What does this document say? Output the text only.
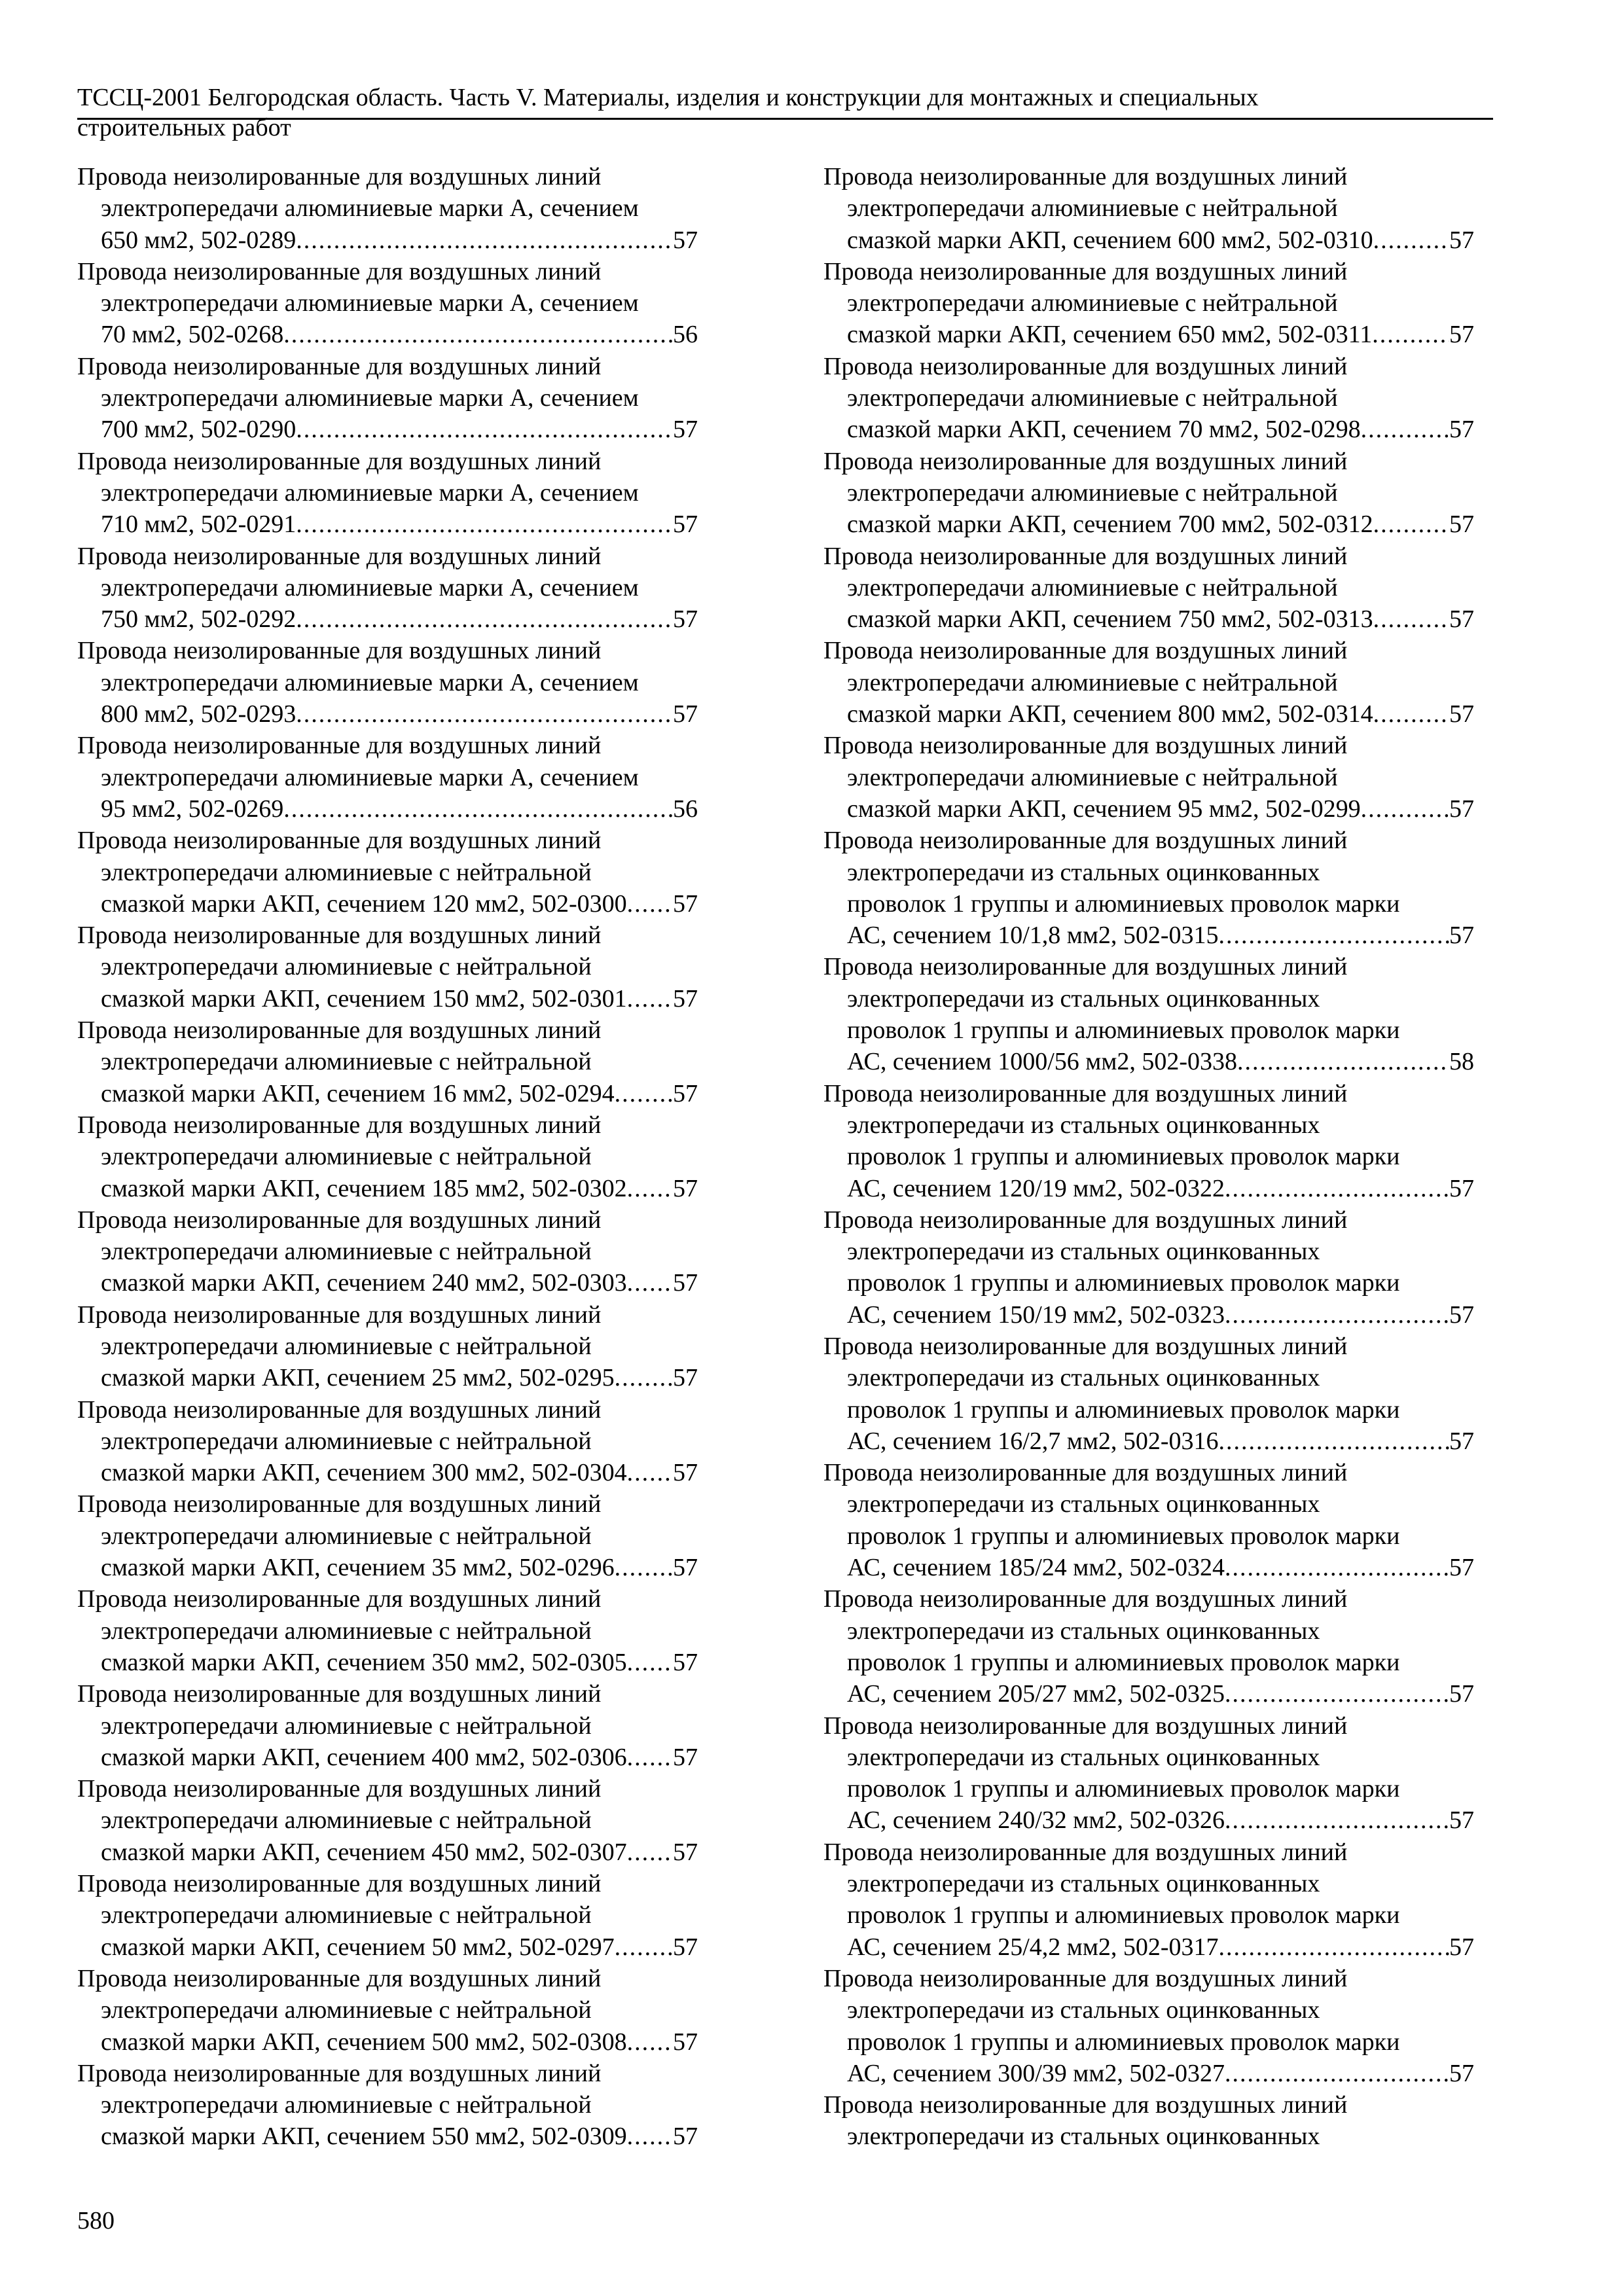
ТССЦ-2001 Белгородская область. Часть V. Материалы, изделия и конструкции для монтажных и специальных
строительных работ
Провода неизолированные для воздушных линий
электропередачи алюминиевые марки А, сечением
650 мм2, 502-0289 .....	57
Провода неизолированные для воздушных линий
электропередачи алюминиевые марки А, сечением
70 мм2, 502-0268 .....	56
Провода неизолированные для воздушных линий
электропередачи алюминиевые марки А, сечением
700 мм2, 502-0290 .....	57
Провода неизолированные для воздушных линий
электропередачи алюминиевые марки А, сечением
710 мм2, 502-0291 .....	57
Провода неизолированные для воздушных линий
электропередачи алюминиевые марки А, сечением
750 мм2, 502-0292 .....	57
Провода неизолированные для воздушных линий
электропередачи алюминиевые марки А, сечением
800 мм2, 502-0293 .....	57
Провода неизолированные для воздушных линий
электропередачи алюминиевые марки А, сечением
95 мм2, 502-0269 .....	56
Провода неизолированные для воздушных линий
электропередачи алюминиевые с нейтральной
смазкой марки АКП, сечением 120 мм2, 502-0300 ..... 57
Провода неизолированные для воздушных линий
электропередачи алюминиевые с нейтральной
смазкой марки АКП, сечением 150 мм2, 502-0301 ..... 57
Провода неизолированные для воздушных линий
электропередачи алюминиевые с нейтральной
смазкой марки АКП, сечением 16 мм2, 502-0294 ..... 57
Провода неизолированные для воздушных линий
электропередачи алюминиевые с нейтральной
смазкой марки АКП, сечением 185 мм2, 502-0302 ..... 57
Провода неизолированные для воздушных линий
электропередачи алюминиевые с нейтральной
смазкой марки АКП, сечением 240 мм2, 502-0303 ..... 57
Провода неизолированные для воздушных линий
электропередачи алюминиевые с нейтральной
смазкой марки АКП, сечением 25 мм2, 502-0295 ..... 57
Провода неизолированные для воздушных линий
электропередачи алюминиевые с нейтральной
смазкой марки АКП, сечением 300 мм2, 502-0304 ..... 57
Провода неизолированные для воздушных линий
электропередачи алюминиевые с нейтральной
смазкой марки АКП, сечением 35 мм2, 502-0296 ..... 57
Провода неизолированные для воздушных линий
электропередачи алюминиевые с нейтральной
смазкой марки АКП, сечением 350 мм2, 502-0305 ..... 57
Провода неизолированные для воздушных линий
электропередачи алюминиевые с нейтральной
смазкой марки АКП, сечением 400 мм2, 502-0306 ..... 57
Провода неизолированные для воздушных линий
электропередачи алюминиевые с нейтральной
смазкой марки АКП, сечением 450 мм2, 502-0307 ..... 57
Провода неизолированные для воздушных линий
электропередачи алюминиевые с нейтральной
смазкой марки АКП, сечением 50 мм2, 502-0297 ..... 57
Провода неизолированные для воздушных линий
электропередачи алюминиевые с нейтральной
смазкой марки АКП, сечением 500 мм2, 502-0308 ..... 57
Провода неизолированные для воздушных линий
электропередачи алюминиевые с нейтральной
смазкой марки АКП, сечением 550 мм2, 502-0309 ..... 57
Провода неизолированные для воздушных линий
электропередачи алюминиевые с нейтральной
смазкой марки АКП, сечением 600 мм2, 502-0310 .....	57
Провода неизолированные для воздушных линий
электропередачи алюминиевые с нейтральной
смазкой марки АКП, сечением 650 мм2, 502-0311 .....	57
Провода неизолированные для воздушных линий
электропередачи алюминиевые с нейтральной
смазкой марки АКП, сечением 70 мм2, 502-0298 .....	57
Провода неизолированные для воздушных линий
электропередачи алюминиевые с нейтральной
смазкой марки АКП, сечением 700 мм2, 502-0312 .....	57
Провода неизолированные для воздушных линий
электропередачи алюминиевые с нейтральной
смазкой марки АКП, сечением 750 мм2, 502-0313 .....	57
Провода неизолированные для воздушных линий
электропередачи алюминиевые с нейтральной
смазкой марки АКП, сечением 800 мм2, 502-0314 .....	57
Провода неизолированные для воздушных линий
электропередачи алюминиевые с нейтральной
смазкой марки АКП, сечением 95 мм2, 502-0299 .....	57
Провода неизолированные для воздушных линий
электропередачи из стальных оцинкованных
проволок 1 группы и алюминиевых проволок марки
АС, сечением 10/1,8 мм2, 502-0315 .....	57
Провода неизолированные для воздушных линий
электропередачи из стальных оцинкованных
проволок 1 группы и алюминиевых проволок марки
АС, сечением 1000/56 мм2, 502-0338 .....	58
Провода неизолированные для воздушных линий
электропередачи из стальных оцинкованных
проволок 1 группы и алюминиевых проволок марки
АС, сечением 120/19 мм2, 502-0322 .....	57
Провода неизолированные для воздушных линий
электропередачи из стальных оцинкованных
проволок 1 группы и алюминиевых проволок марки
АС, сечением 150/19 мм2, 502-0323 .....	57
Провода неизолированные для воздушных линий
электропередачи из стальных оцинкованных
проволок 1 группы и алюминиевых проволок марки
АС, сечением 16/2,7 мм2, 502-0316 .....	57
Провода неизолированные для воздушных линий
электропередачи из стальных оцинкованных
проволок 1 группы и алюминиевых проволок марки
АС, сечением 185/24 мм2, 502-0324 .....	57
Провода неизолированные для воздушных линий
электропередачи из стальных оцинкованных
проволок 1 группы и алюминиевых проволок марки
АС, сечением 205/27 мм2, 502-0325 .....	57
Провода неизолированные для воздушных линий
электропередачи из стальных оцинкованных
проволок 1 группы и алюминиевых проволок марки
АС, сечением 240/32 мм2, 502-0326 .....	57
Провода неизолированные для воздушных линий
электропередачи из стальных оцинкованных
проволок 1 группы и алюминиевых проволок марки
АС, сечением 25/4,2 мм2, 502-0317 .....	57
Провода неизолированные для воздушных линий
электропередачи из стальных оцинкованных
проволок 1 группы и алюминиевых проволок марки
АС, сечением 300/39 мм2, 502-0327 .....	57
Провода неизолированные для воздушных линий
электропередачи из стальных оцинкованных
580
